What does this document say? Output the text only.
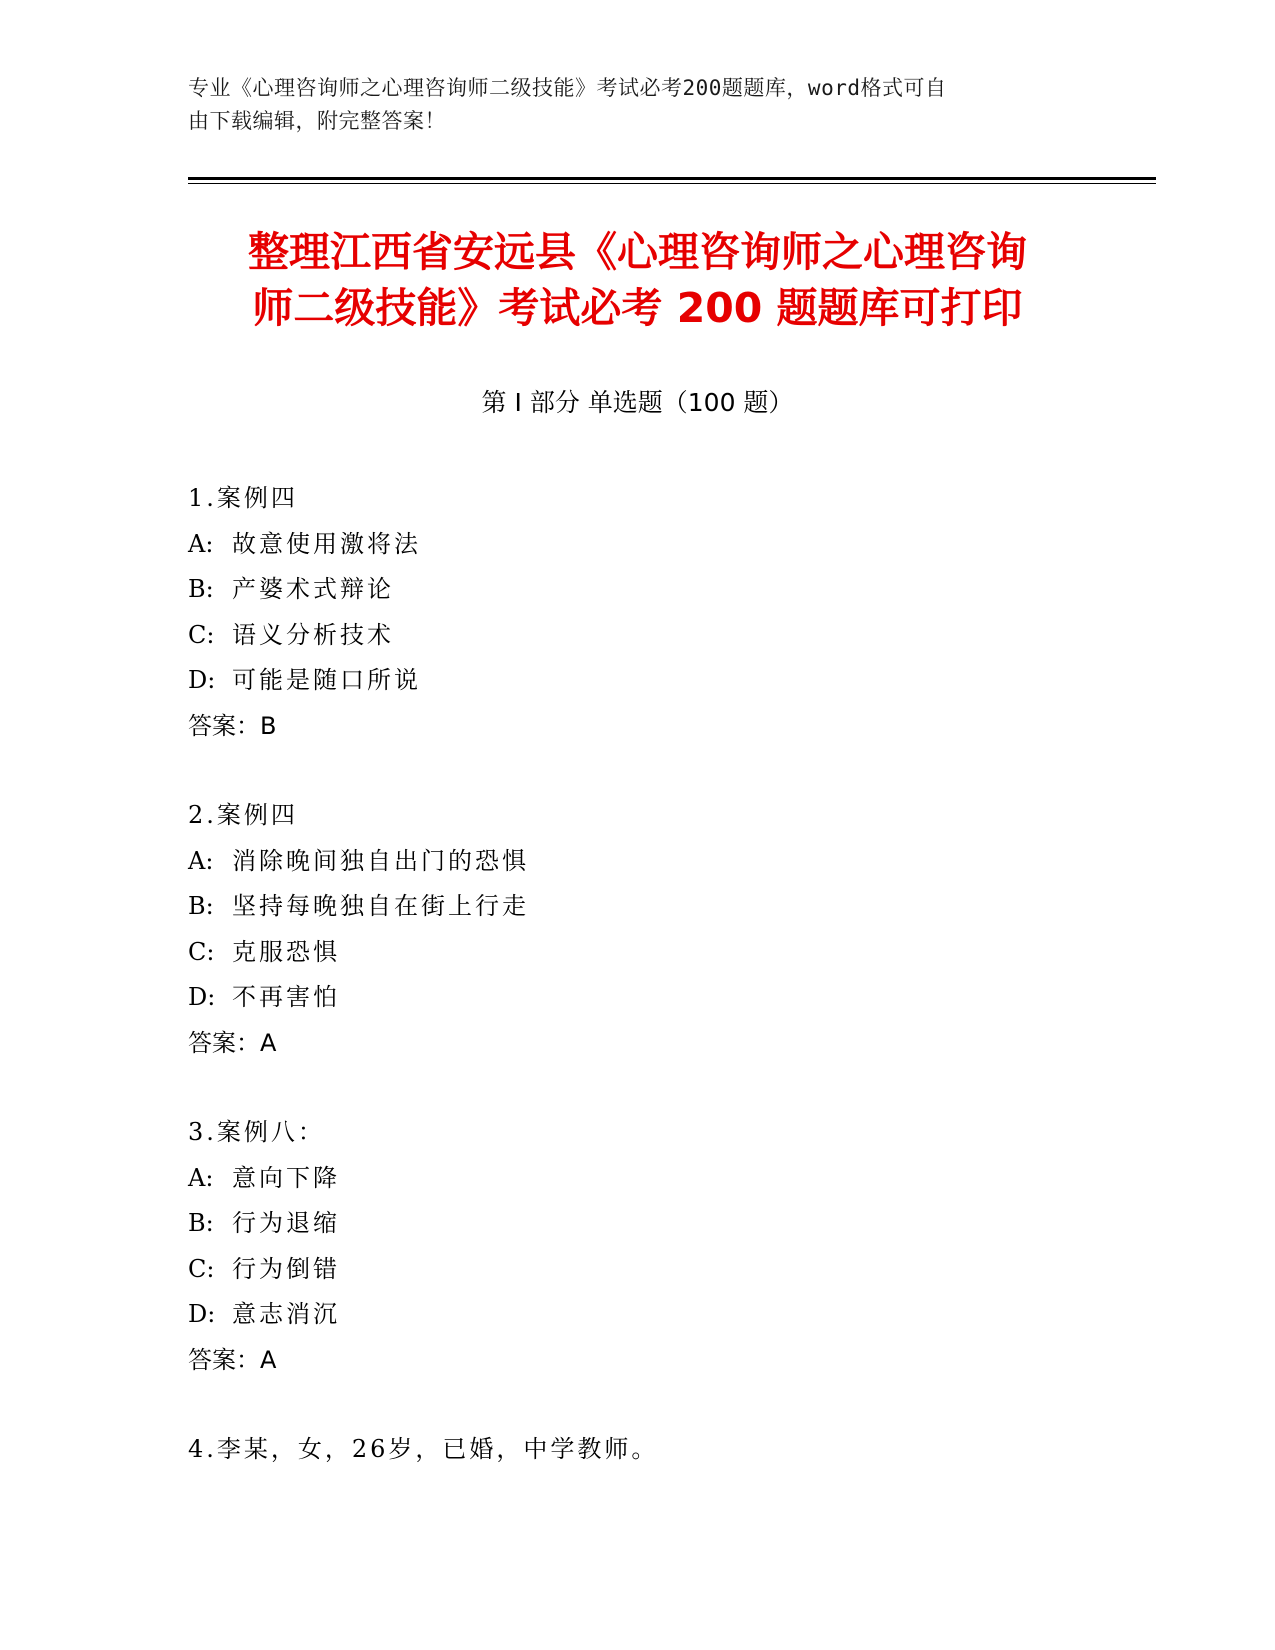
专业《心理咨询师之心理咨询师二级技能》考试必考200题题库，word格式可自
由下载编辑，附完整答案！
整理江西省安远县《心理咨询师之心理咨询
师二级技能》考试必考 200 题题库可打印
第 I 部分 单选题（100 题）
1.案例四
A: 故意使用激将法
B: 产婆术式辩论
C: 语义分析技术
D: 可能是随口所说
答案：B
2.案例四
A: 消除晚间独自出门的恐惧
B: 坚持每晚独自在街上行走
C: 克服恐惧
D: 不再害怕
答案：A
3.案例八：
A: 意向下降
B: 行为退缩
C: 行为倒错
D: 意志消沉
答案：A
4.李某，女，26岁，已婚，中学教师。
